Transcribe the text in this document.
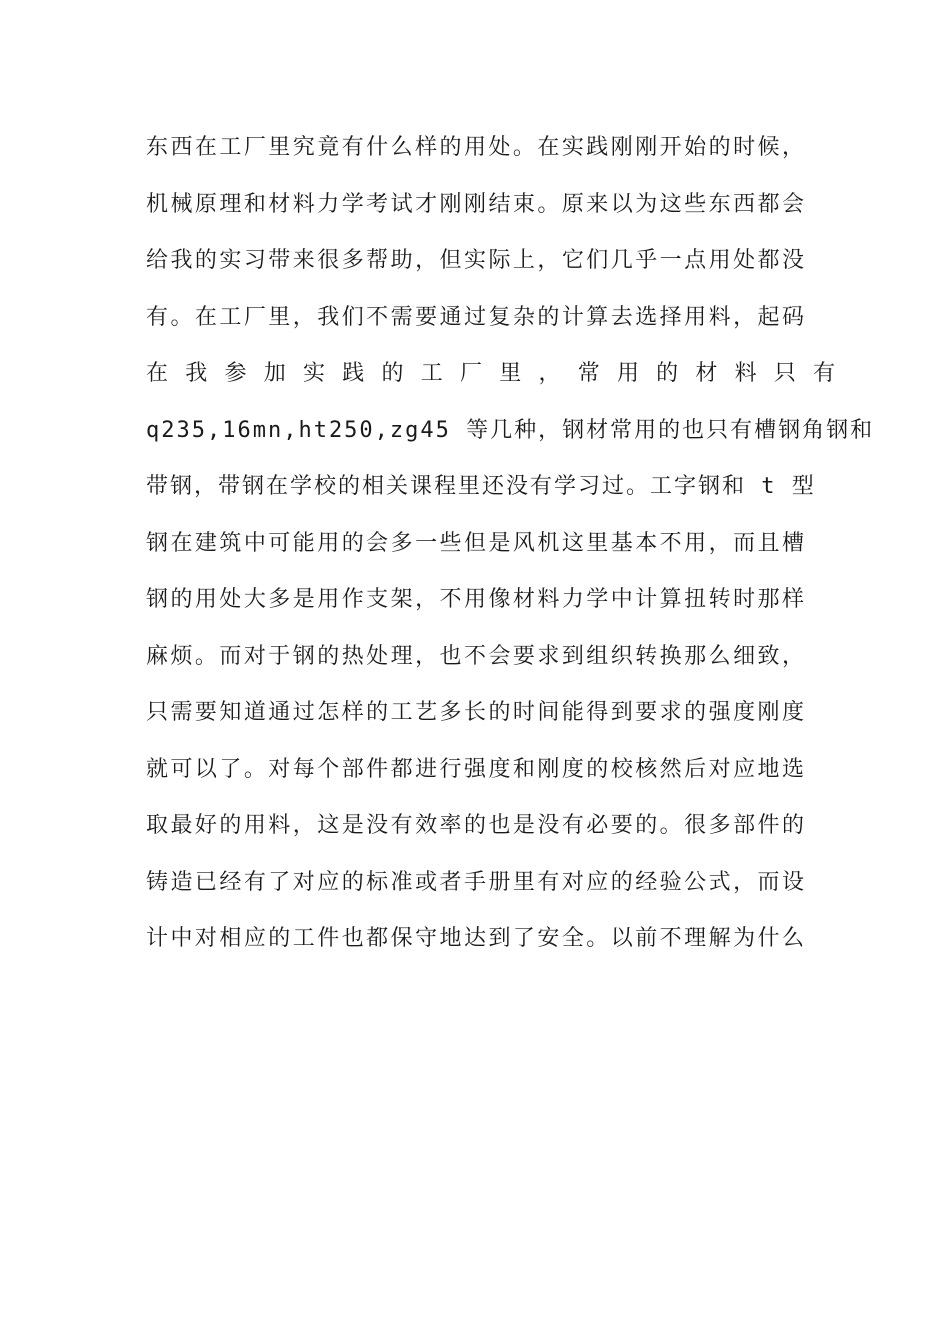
东西在工厂里究竟有什么样的用处。在实践刚刚开始的时候，
机械原理和材料力学考试才刚刚结束。原来以为这些东西都会
给我的实习带来很多帮助，但实际上，它们几乎一点用处都没
有。在工厂里，我们不需要通过复杂的计算去选择用料，起码
在 我 参 加 实 践 的 工 厂 里 ， 常 用 的 材 料 只 有
q235,16mn,ht250,zg45 等几种，钢材常用的也只有槽钢角钢和
带钢，带钢在学校的相关课程里还没有学习过。工字钢和 t 型
钢在建筑中可能用的会多一些但是风机这里基本不用，而且槽
钢的用处大多是用作支架，不用像材料力学中计算扭转时那样
麻烦。而对于钢的热处理，也不会要求到组织转换那么细致，
只需要知道通过怎样的工艺多长的时间能得到要求的强度刚度
就可以了。对每个部件都进行强度和刚度的校核然后对应地选
取最好的用料，这是没有效率的也是没有必要的。很多部件的
铸造已经有了对应的标准或者手册里有对应的经验公式，而设
计中对相应的工件也都保守地达到了安全。以前不理解为什么
